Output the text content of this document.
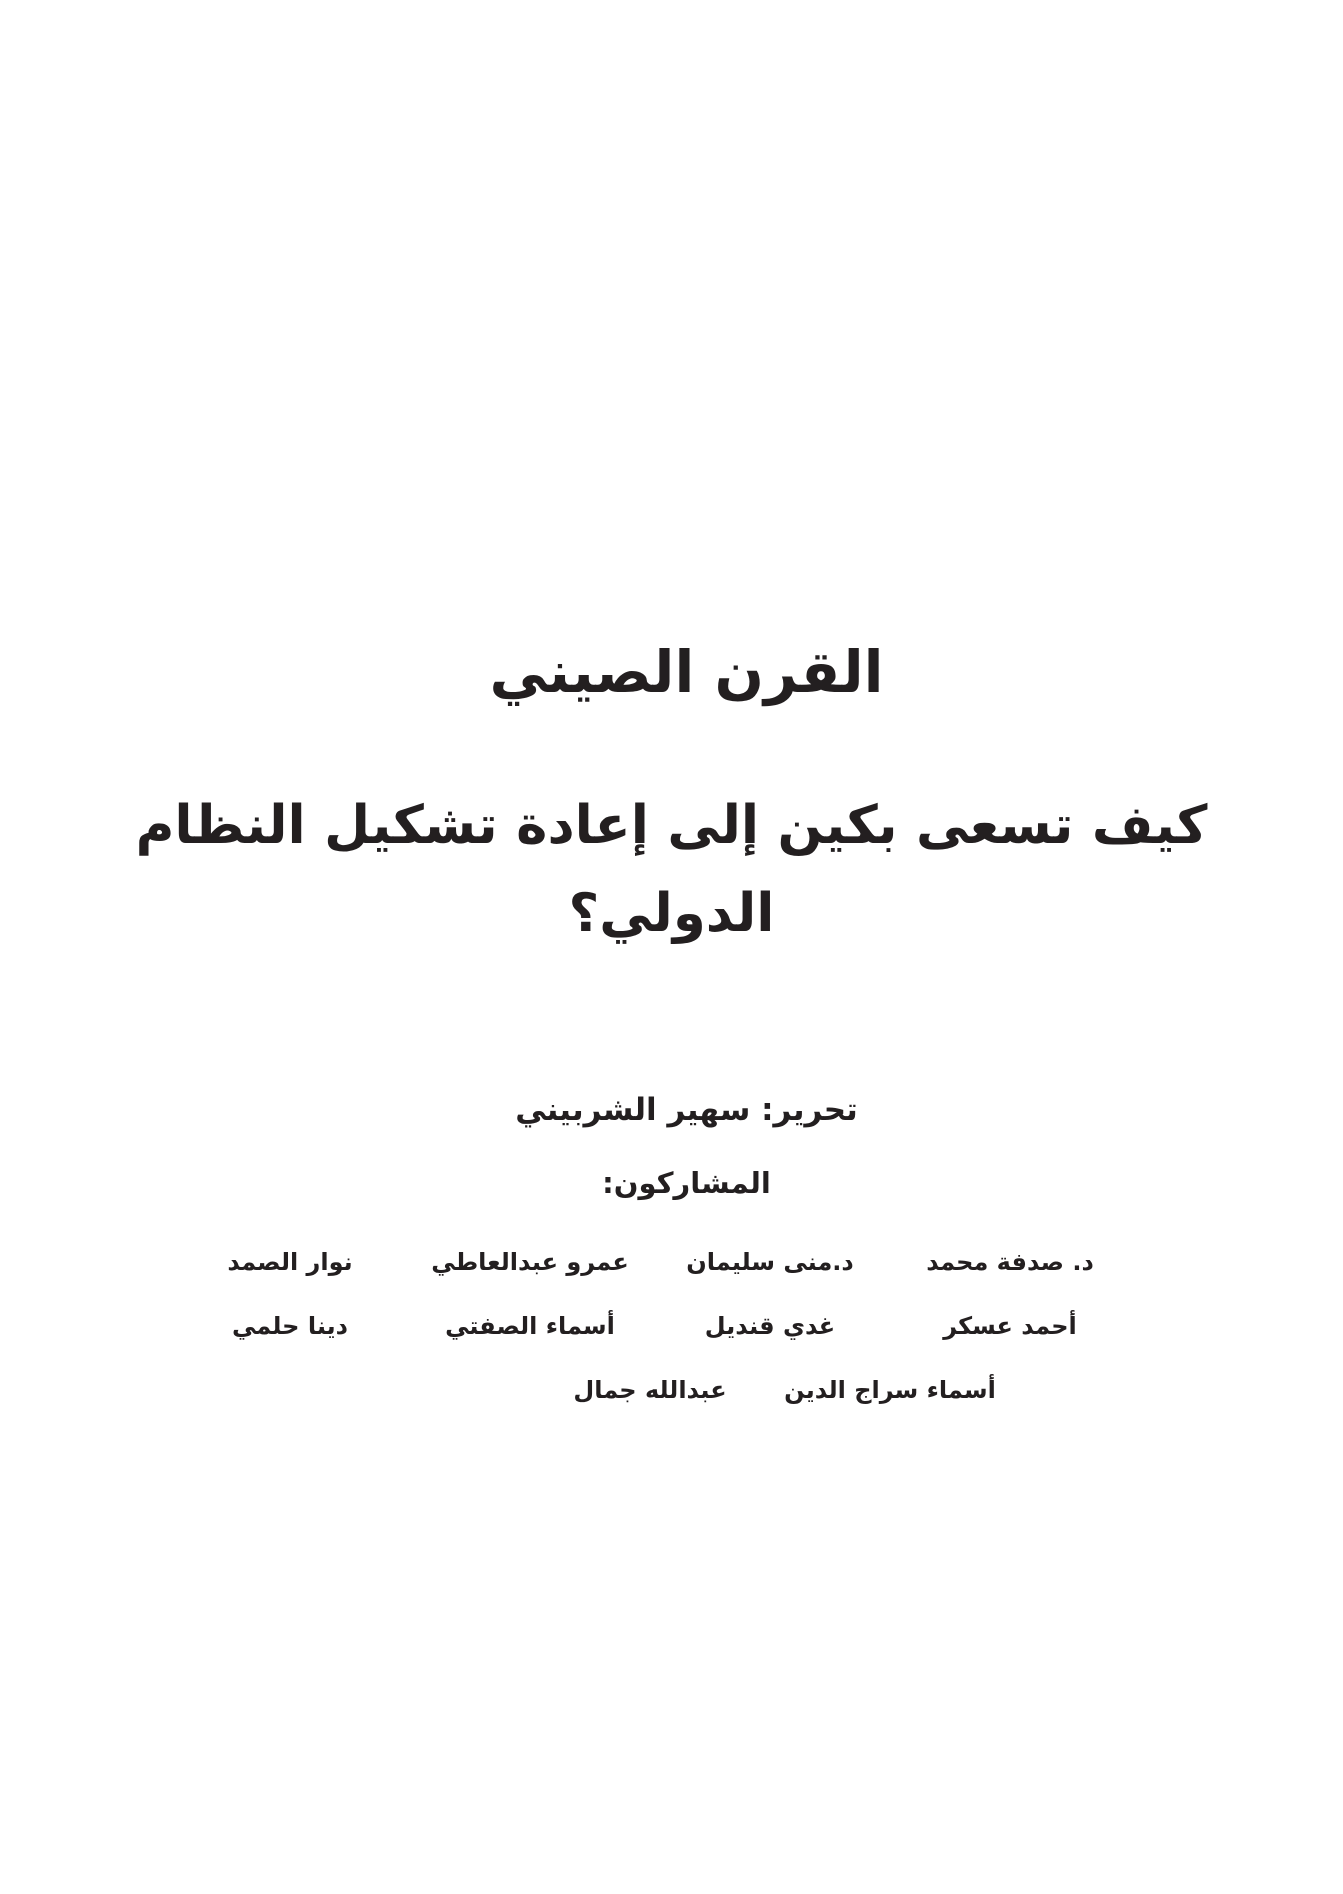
القرن الصيني
كيف تسعى بكين إلى إعادة تشكيل النظام
الدولي؟
تحرير: سهير الشربيني
المشاركون:
د. صدفة محمد
د.منى سليمان
عمرو عبدالعاطي
نوار الصمد
أحمد عسكر
غدي قنديل
أسماء الصفتي
دينا حلمي
أسماء سراج الدين
عبدالله جمال
